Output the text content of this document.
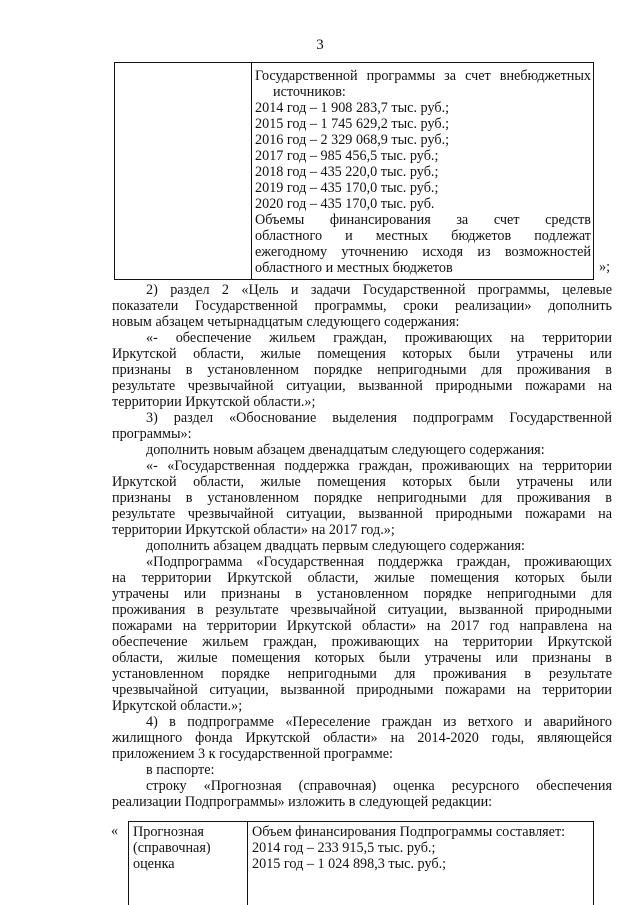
3
Государственной программы за счет внебюджетных
источников:
2014 год – 1 908 283,7 тыс. руб.;
2015 год – 1 745 629,2 тыс. руб.;
2016 год – 2 329 068,9 тыс. руб.;
2017 год – 985 456,5 тыс. руб.;
2018 год – 435 220,0 тыс. руб.;
2019 год – 435 170,0 тыс. руб.;
2020 год – 435 170,0 тыс. руб.
Объемы финансирования за счет средств
областного и местных бюджетов подлежат
ежегодному уточнению исходя из возможностей
областного и местных бюджетов	»;
2) раздел 2 «Цель и задачи Государственной программы, целевые
показатели Государственной программы, сроки реализации» дополнить
новым абзацем четырнадцатым следующего содержания:
«- обеспечение жильем граждан, проживающих на территории
Иркутской области, жилые помещения которых были утрачены или
признаны в установленном порядке непригодными для проживания в
результате чрезвычайной ситуации, вызванной природными пожарами на
территории Иркутской области.»;
3) раздел «Обоснование выделения подпрограмм Государственной
программы»:
дополнить новым абзацем двенадцатым следующего содержания:
«- «Государственная поддержка граждан, проживающих на территории
Иркутской области, жилые помещения которых были утрачены или
признаны в установленном порядке непригодными для проживания в
результате чрезвычайной ситуации, вызванной природными пожарами на
территории Иркутской области» на 2017 год.»;
дополнить абзацем двадцать первым следующего содержания:
«Подпрограмма «Государственная поддержка граждан, проживающих
на территории Иркутской области, жилые помещения которых были
утрачены или признаны в установленном порядке непригодными для
проживания в результате чрезвычайной ситуации, вызванной природными
пожарами на территории Иркутской области» на 2017 год направлена на
обеспечение жильем граждан, проживающих на территории Иркутской
области, жилые помещения которых были утрачены или признаны в
установленном порядке непригодными для проживания в результате
чрезвычайной ситуации, вызванной природными пожарами на территории
Иркутской области.»;
4) в подпрограмме «Переселение граждан из ветхого и аварийного
жилищного фонда Иркутской области» на 2014-2020 годы, являющейся
приложением 3 к государственной программе:
в паспорте:
строку «Прогнозная (справочная) оценка ресурсного обеспечения
реализации Подпрограммы» изложить в следующей редакции:
« Прогнозная
(справочная)
оценка
Объем финансирования Подпрограммы составляет:
2014 год – 233 915,5 тыс. руб.;
2015 год – 1 024 898,3 тыс. руб.;
